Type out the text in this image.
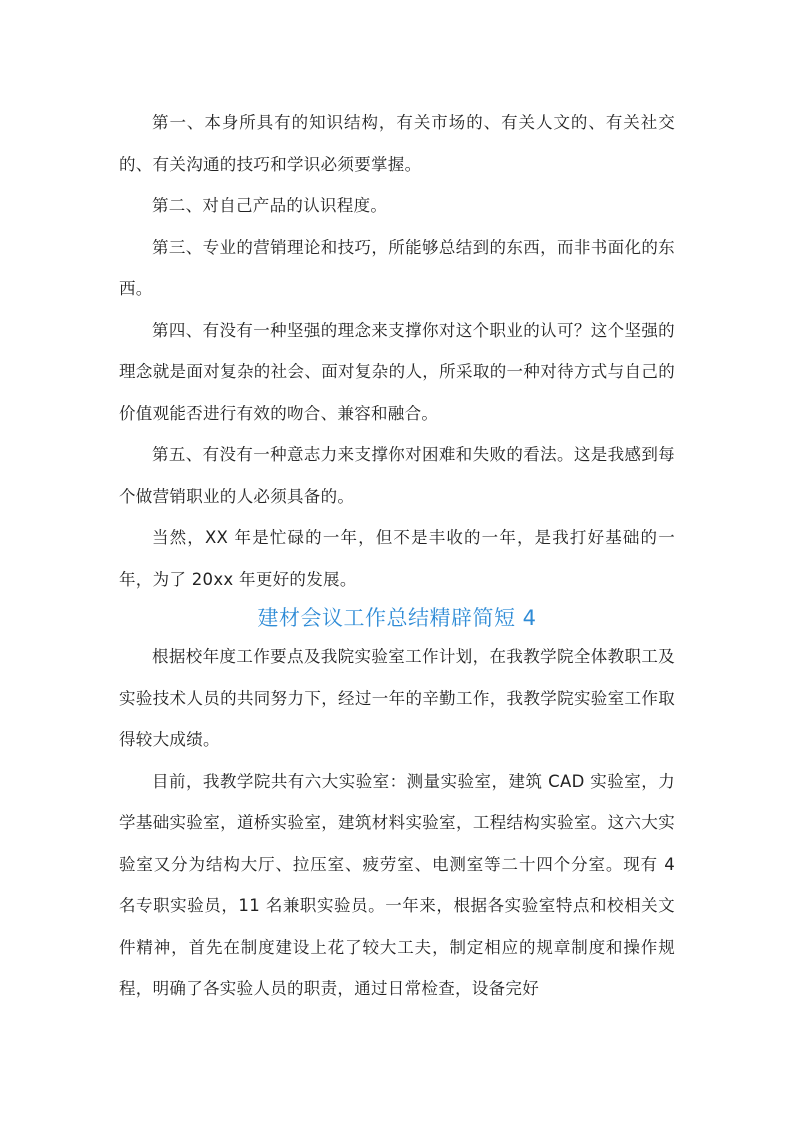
第一、本身所具有的知识结构，有关市场的、有关人文的、有关社交的、有关沟通的技巧和学识必须要掌握。

第二、对自己产品的认识程度。

第三、专业的营销理论和技巧，所能够总结到的东西，而非书面化的东西。

第四、有没有一种坚强的理念来支撑你对这个职业的认可？这个坚强的理念就是面对复杂的社会、面对复杂的人，所采取的一种对待方式与自己的价值观能否进行有效的吻合、兼容和融合。

第五、有没有一种意志力来支撑你对困难和失败的看法。这是我感到每个做营销职业的人必须具备的。

当然，XX 年是忙碌的一年，但不是丰收的一年，是我打好基础的一年，为了 20xx 年更好的发展。

建材会议工作总结精辟简短 4

根据校年度工作要点及我院实验室工作计划，在我教学院全体教职工及实验技术人员的共同努力下，经过一年的辛勤工作，我教学院实验室工作取得较大成绩。

目前，我教学院共有六大实验室：测量实验室，建筑 CAD 实验室，力学基础实验室，道桥实验室，建筑材料实验室，工程结构实验室。这六大实验室又分为结构大厅、拉压室、疲劳室、电测室等二十四个分室。现有 4 名专职实验员，11 名兼职实验员。一年来，根据各实验室特点和校相关文件精神，首先在制度建设上花了较大工夫，制定相应的规章制度和操作规程，明确了各实验人员的职责，通过日常检查，设备完好
